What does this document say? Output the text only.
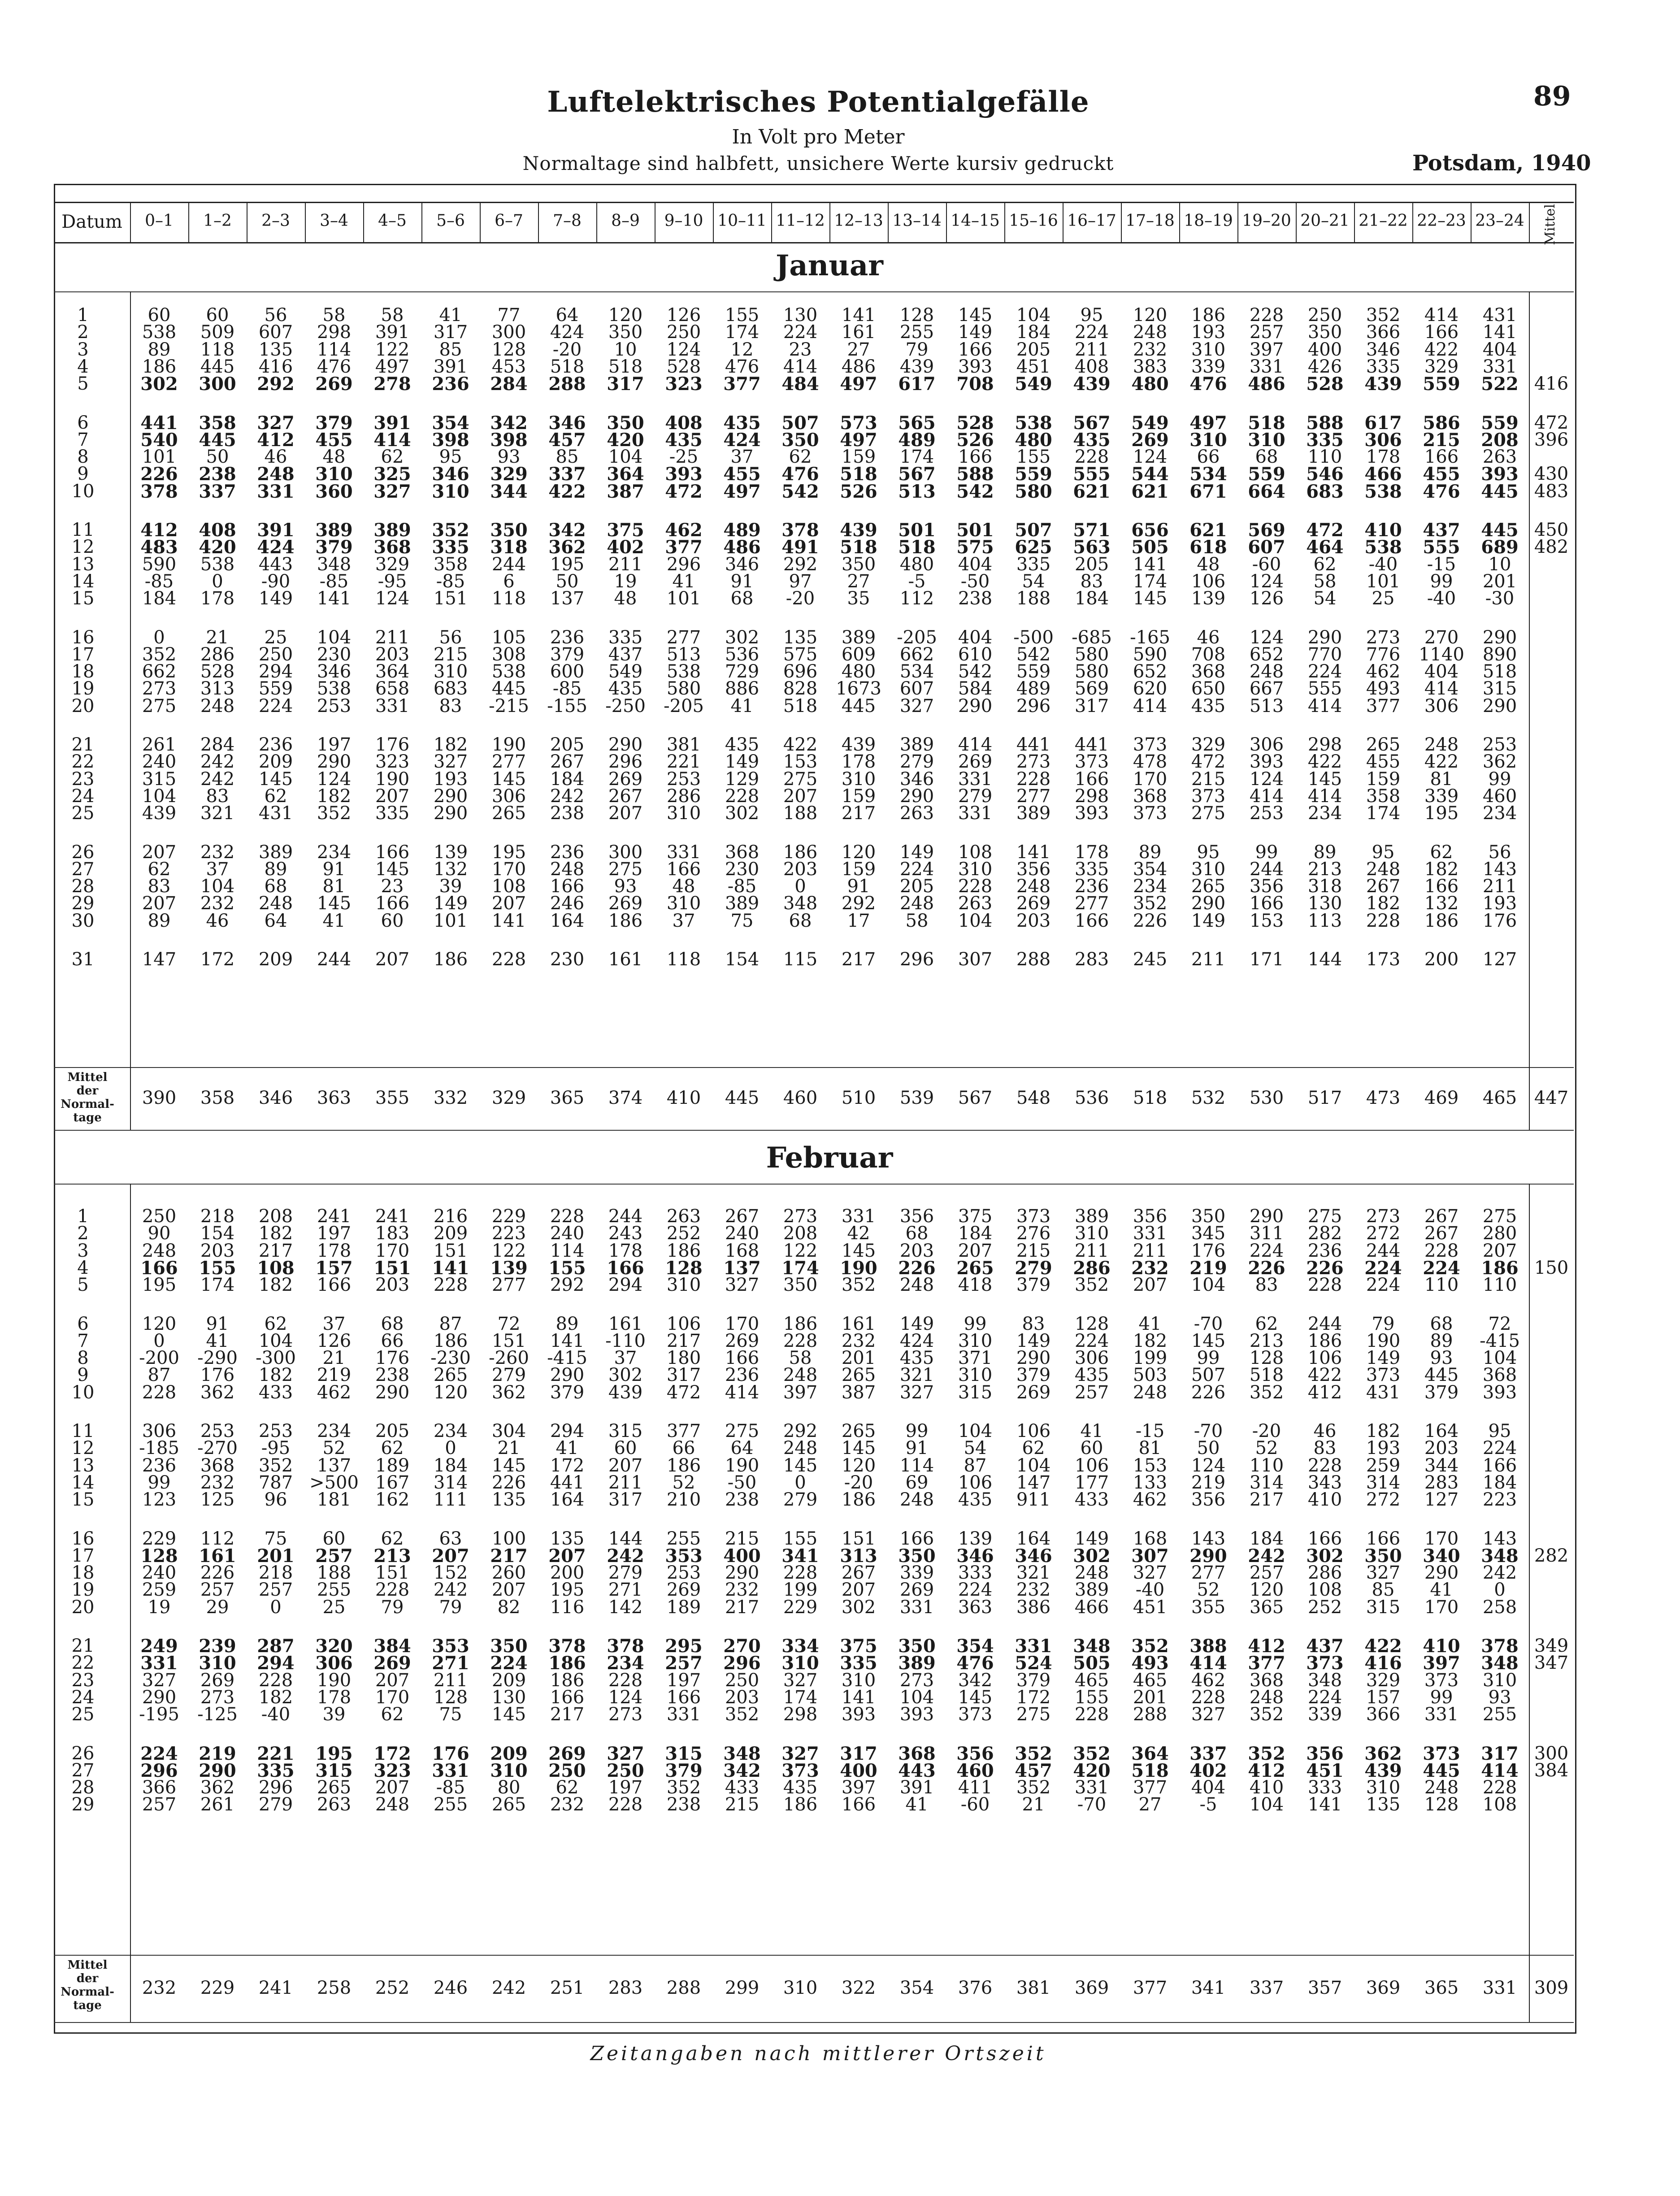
Luftelektrisches Potentialgefälle
In Volt pro Meter
Normaltage sind halbfett, unsichere Werte kursiv gedruckt
89
Potsdam, 1940
Datum	0–1	1–2	2–3	3–4	4–5	5–6	6–7	7–8	8–9	9–10 10–11 11–12 12–13 13–14 14–15 15–16 16–17 17–18 18–19 19–20 20–21 21–22 22–23 23–24	Mittel
Januar
1	60	60	56	58	58	41	77	64	120	126	155	130	141	128	145	104	95	120	186	228	250	352	414	431
2	538	509	607	298	391	317	300	424	350	250	174	224	161	255	149	184	224	248	193	257	350	366	166	141
3	89	118	135	114	122	85	128	-20	10	124	12	23	27	79	166	205	211	232	310	397	400	346	422	404
4	186	445	416	476	497	391	453	518	518	528	476	414	486	439	393	451	408	383	339	331	426	335	329	331
5	302	300	292	269	278	236	284	288	317	323	377	484	497	617	708	549	439	480	476	486	528	439	559	522 416
6	441	358	327	379	391	354	342	346	350	408	435	507	573	565	528	538	567	549	497	518	588	617	586	559 472
7	540	445	412	455	414	398	398	457	420	435	424	350	497	489	526	480	435	269	310	310	335	306	215	208 396
8	101	50	46	48	62	95	93	85	104	-25	37	62	159	174	166	155	228	124	66	68	110	178	166	263
9	226	238	248	310	325	346	329	337	364	393	455	476	518	567	588	559	555	544	534	559	546	466	455	393 430
10	378	337	331	360	327	310	344	422	387	472	497	542	526	513	542	580	621	621	671	664	683	538	476	445 483
11	412	408	391	389	389	352	350	342	375	462	489	378	439	501	501	507	571	656	621	569	472	410	437	445 450
12	483	420	424	379	368	335	318	362	402	377	486	491	518	518	575	625	563	505	618	607	464	538	555	689 482
13	590	538	443	348	329	358	244	195	211	296	346	292	350	480	404	335	205	141	48	-60	62	-40	-15	10
14	-85	0	-90	-85	-95	-85	6	50	19	41	91	97	27	-5	-50	54	83	174	106	124	58	101	99	201
15	184	178	149	141	124	151	118	137	48	101	68	-20	35	112	238	188	184	145	139	126	54	25	-40	-30
16	0	21	25	104	211	56	105	236	335	277	302	135	389	-205	404	-500	-685	-165	46	124	290	273	270	290
17	352	286	250	230	203	215	308	379	437	513	536	575	609	662	610	542	580	590	708	652	770	776	1140	890
18	662	528	294	346	364	310	538	600	549	538	729	696	480	534	542	559	580	652	368	248	224	462	404	518
19	273	313	559	538	658	683	445	-85	435	580	886	828	1673	607	584	489	569	620	650	667	555	493	414	315
20	275	248	224	253	331	83	-215	-155	-250	-205	41	518	445	327	290	296	317	414	435	513	414	377	306	290
21	261	284	236	197	176	182	190	205	290	381	435	422	439	389	414	441	441	373	329	306	298	265	248	253
22	240	242	209	290	323	327	277	267	296	221	149	153	178	279	269	273	373	478	472	393	422	455	422	362
23	315	242	145	124	190	193	145	184	269	253	129	275	310	346	331	228	166	170	215	124	145	159	81	99
24	104	83	62	182	207	290	306	242	267	286	228	207	159	290	279	277	298	368	373	414	414	358	339	460
25	439	321	431	352	335	290	265	238	207	310	302	188	217	263	331	389	393	373	275	253	234	174	195	234
26	207	232	389	234	166	139	195	236	300	331	368	186	120	149	108	141	178	89	95	99	89	95	62	56
27	62	37	89	91	145	132	170	248	275	166	230	203	159	224	310	356	335	354	310	244	213	248	182	143
28	83	104	68	81	23	39	108	166	93	48	-85	0	91	205	228	248	236	234	265	356	318	267	166	211
29	207	232	248	145	166	149	207	246	269	310	389	348	292	248	263	269	277	352	290	166	130	182	132	193
30	89	46	64	41	60	101	141	164	186	37	75	68	17	58	104	203	166	226	149	153	113	228	186	176
31	147	172	209	244	207	186	228	230	161	118	154	115	217	296	307	288	283	245	211	171	144	173	200	127
Mittel
der
Normal-
tage
390	358	346	363	355	332	329	365	374	410	445	460	510	539	567	548	536	518	532	530	517	473	469	465 447
Februar
1	250	218	208	241	241	216	229	228	244	263	267	273	331	356	375	373	389	356	350	290	275	273	267	275
2	90	154	182	197	183	209	223	240	243	252	240	208	42	68	184	276	310	331	345	311	282	272	267	280
3	248	203	217	178	170	151	122	114	178	186	168	122	145	203	207	215	211	211	176	224	236	244	228	207
4	166	155	108	157	151	141	139	155	166	128	137	174	190	226	265	279	286	232	219	226	226	224	224	186 150
5	195	174	182	166	203	228	277	292	294	310	327	350	352	248	418	379	352	207	104	83	228	224	110	110
6	120	91	62	37	68	87	72	89	161	106	170	186	161	149	99	83	128	41	-70	62	244	79	68	72
7	0	41	104	126	66	186	151	141	-110	217	269	228	232	424	310	149	224	182	145	213	186	190	89	-415
8	-200	-290	-300	21	176	-230	-260	-415	37	180	166	58	201	435	371	290	306	199	99	128	106	149	93	104
9	87	176	182	219	238	265	279	290	302	317	236	248	265	321	310	379	435	503	507	518	422	373	445	368
10	228	362	433	462	290	120	362	379	439	472	414	397	387	327	315	269	257	248	226	352	412	431	379	393
11	306	253	253	234	205	234	304	294	315	377	275	292	265	99	104	106	41	-15	-70	-20	46	182	164	95
12	-185	-270	-95	52	62	0	21	41	60	66	64	248	145	91	54	62	60	81	50	52	83	193	203	224
13	236	368	352	137	189	184	145	172	207	186	190	145	120	114	87	104	106	153	124	110	228	259	344	166
14	99	232	787 >500 167	314	226	441	211	52	-50	0	-20	69	106	147	177	133	219	314	343	314	283	184
15	123	125	96	181	162	111	135	164	317	210	238	279	186	248	435	911	433	462	356	217	410	272	127	223
16	229	112	75	60	62	63	100	135	144	255	215	155	151	166	139	164	149	168	143	184	166	166	170	143
17	128	161	201	257	213	207	217	207	242	353	400	341	313	350	346	346	302	307	290	242	302	350	340	348 282
18	240	226	218	188	151	152	260	200	279	253	290	228	267	339	333	321	248	327	277	257	286	327	290	242
19	259	257	257	255	228	242	207	195	271	269	232	199	207	269	224	232	389	-40	52	120	108	85	41	0
20	19	29	0	25	79	79	82	116	142	189	217	229	302	331	363	386	466	451	355	365	252	315	170	258
21	249	239	287	320	384	353	350	378	378	295	270	334	375	350	354	331	348	352	388	412	437	422	410	378 349
22	331	310	294	306	269	271	224	186	234	257	296	310	335	389	476	524	505	493	414	377	373	416	397	348 347
23	327	269	228	190	207	211	209	186	228	197	250	327	310	273	342	379	465	465	462	368	348	329	373	310
24	290	273	182	178	170	128	130	166	124	166	203	174	141	104	145	172	155	201	228	248	224	157	99	93
25	-195	-125	-40	39	62	75	145	217	273	331	352	298	393	393	373	275	228	288	327	352	339	366	331	255
26	224	219	221	195	172	176	209	269	327	315	348	327	317	368	356	352	352	364	337	352	356	362	373	317 300
27	296	290	335	315	323	331	310	250	250	379	342	373	400	443	460	457	420	518	402	412	451	439	445	414 384
28	366	362	296	265	207	-85	80	62	197	352	433	435	397	391	411	352	331	377	404	410	333	310	248	228
29	257	261	279	263	248	255	265	232	228	238	215	186	166	41	-60	21	-70	27	-5	104	141	135	128	108
Mittel
der
Normal-
tage
232	229	241	258	252	246	242	251	283	288	299	310	322	354	376	381	369	377	341	337	357	369	365	331 309
Zeitangaben nach mittlerer Ortszeit
